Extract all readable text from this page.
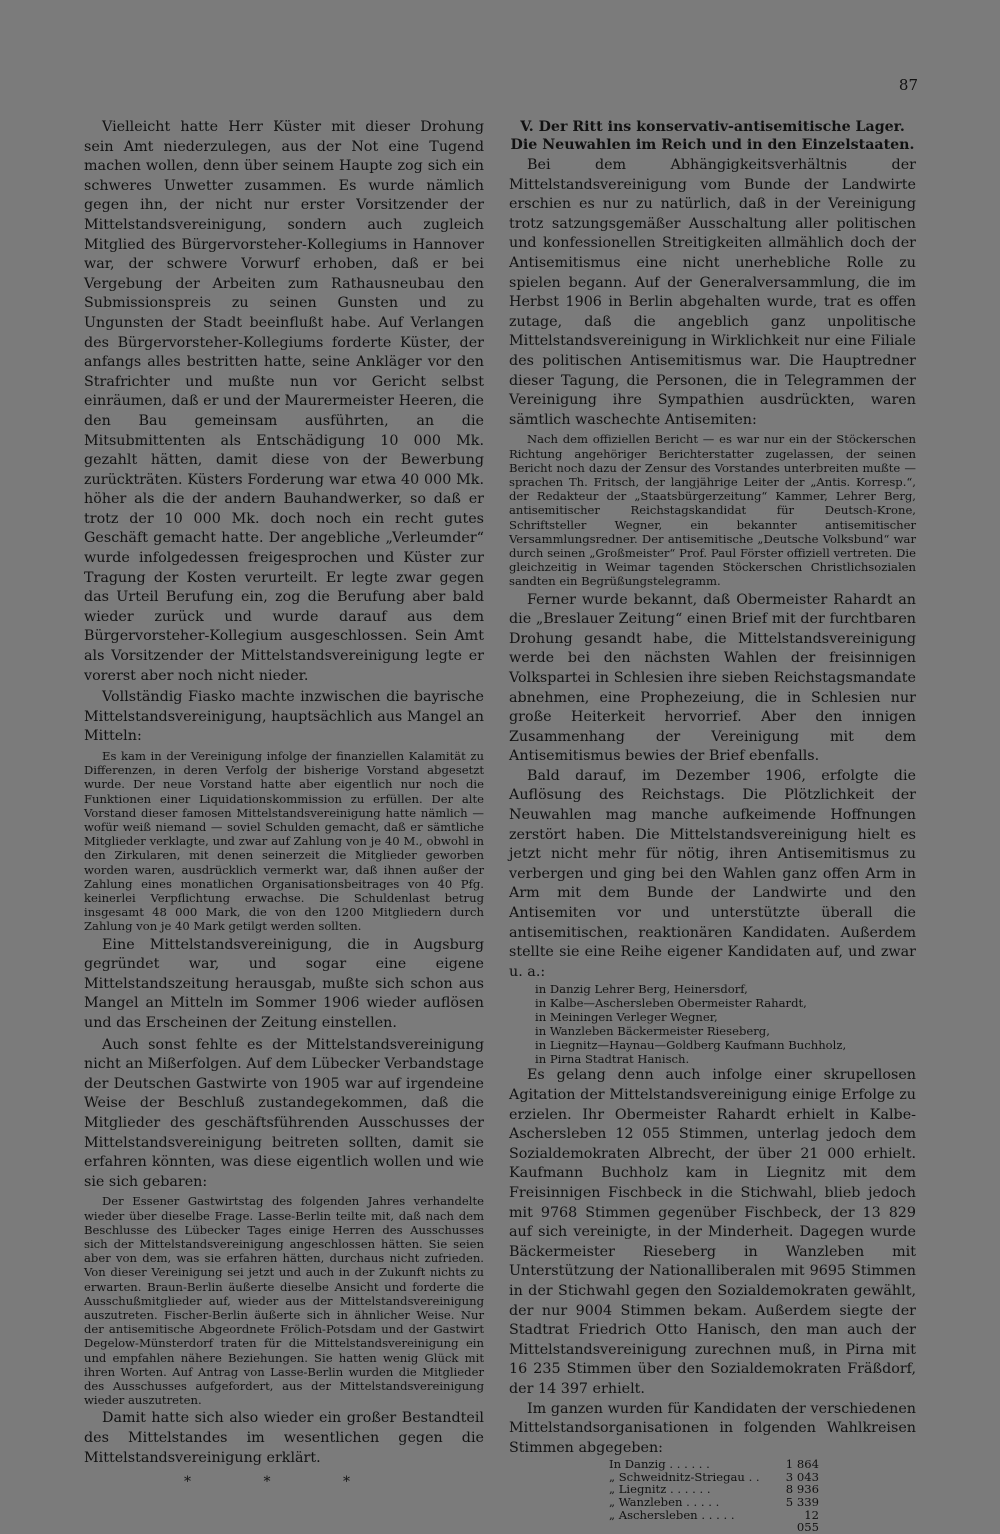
87

Vielleicht hatte Herr Küster mit dieser Drohung sein Amt niederzulegen, aus der Not eine Tugend machen wollen, denn über seinem Haupte zog sich ein schweres Unwetter zusammen. Es wurde nämlich gegen ihn, der nicht nur erster Vorsitzender der Mittelstandsvereinigung, sondern auch zugleich Mitglied des Bürgervorsteher-Kollegiums in Hannover war, der schwere Vorwurf erhoben, daß er bei Vergebung der Arbeiten zum Rathausneubau den Submissionspreis zu seinen Gunsten und zu Ungunsten der Stadt beeinflußt habe. Auf Verlangen des Bürgervorsteher-Kollegiums forderte Küster, der anfangs alles bestritten hatte, seine Ankläger vor den Strafrichter und mußte nun vor Gericht selbst einräumen, daß er und der Maurermeister Heeren, die den Bau gemeinsam ausführten, an die Mitsubmittenten als Entschädigung 10 000 Mk. gezahlt hätten, damit diese von der Bewerbung zurückträten. Küsters Forderung war etwa 40 000 Mk. höher als die der andern Bauhandwerker, so daß er trotz der 10 000 Mk. doch noch ein recht gutes Geschäft gemacht hatte. Der angebliche „Verleumder“ wurde infolgedessen freigesprochen und Küster zur Tragung der Kosten verurteilt. Er legte zwar gegen das Urteil Berufung ein, zog die Berufung aber bald wieder zurück und wurde darauf aus dem Bürgervorsteher-Kollegium ausgeschlossen. Sein Amt als Vorsitzender der Mittelstandsvereinigung legte er vorerst aber noch nicht nieder.

Vollständig Fiasko machte inzwischen die bayrische Mittelstandsvereinigung, hauptsächlich aus Mangel an Mitteln:

Es kam in der Vereinigung infolge der finanziellen Kalamität zu Differenzen, in deren Verfolg der bisherige Vorstand abgesetzt wurde. Der neue Vorstand hatte aber eigentlich nur noch die Funktionen einer Liquidationskommission zu erfüllen. Der alte Vorstand dieser famosen Mittelstandsvereinigung hatte nämlich — wofür weiß niemand — soviel Schulden gemacht, daß er sämtliche Mitglieder verklagte, und zwar auf Zahlung von je 40 M., obwohl in den Zirkularen, mit denen seinerzeit die Mitglieder geworben worden waren, ausdrücklich vermerkt war, daß ihnen außer der Zahlung eines monatlichen Organisationsbeitrages von 40 Pfg. keinerlei Verpflichtung erwachse. Die Schuldenlast betrug insgesamt 48 000 Mark, die von den 1200 Mitgliedern durch Zahlung von je 40 Mark getilgt werden sollten.

Eine Mittelstandsvereinigung, die in Augsburg gegründet war, und sogar eine eigene Mittelstandszeitung herausgab, mußte sich schon aus Mangel an Mitteln im Sommer 1906 wieder auflösen und das Erscheinen der Zeitung einstellen.

Auch sonst fehlte es der Mittelstandsvereinigung nicht an Mißerfolgen. Auf dem Lübecker Verbandstage der Deutschen Gastwirte von 1905 war auf irgendeine Weise der Beschluß zustandegekommen, daß die Mitglieder des geschäftsführenden Ausschusses der Mittelstandsvereinigung beitreten sollten, damit sie erfahren könnten, was diese eigentlich wollen und wie sie sich gebaren:

Der Essener Gastwirtstag des folgenden Jahres verhandelte wieder über dieselbe Frage. Lasse-Berlin teilte mit, daß nach dem Beschlusse des Lübecker Tages einige Herren des Ausschusses sich der Mittelstandsvereinigung angeschlossen hätten. Sie seien aber von dem, was sie erfahren hätten, durchaus nicht zufrieden. Von dieser Vereinigung sei jetzt und auch in der Zukunft nichts zu erwarten. Braun-Berlin äußerte dieselbe Ansicht und forderte die Ausschußmitglieder auf, wieder aus der Mittelstandsvereinigung auszutreten. Fischer-Berlin äußerte sich in ähnlicher Weise. Nur der antisemitische Abgeordnete Frölich-Potsdam und der Gastwirt Degelow-Münsterdorf traten für die Mittelstandsvereinigung ein und empfahlen nähere Beziehungen. Sie hatten wenig Glück mit ihren Worten. Auf Antrag von Lasse-Berlin wurden die Mitglieder des Ausschusses aufgefordert, aus der Mittelstandsvereinigung wieder auszutreten.

Damit hatte sich also wieder ein großer Bestandteil des Mittelstandes im wesentlichen gegen die Mittelstandsvereinigung erklärt.

* * *
V. Der Ritt ins konservativ-antisemitische Lager. Die Neuwahlen im Reich und in den Einzelstaaten.

Bei dem Abhängigkeitsverhältnis der Mittelstandsvereinigung vom Bunde der Landwirte erschien es nur zu natürlich, daß in der Vereinigung trotz satzungsgemäßer Ausschaltung aller politischen und konfessionellen Streitigkeiten allmählich doch der Antisemitismus eine nicht unerhebliche Rolle zu spielen begann. Auf der Generalversammlung, die im Herbst 1906 in Berlin abgehalten wurde, trat es offen zutage, daß die angeblich ganz unpolitische Mittelstandsvereinigung in Wirklichkeit nur eine Filiale des politischen Antisemitismus war. Die Hauptredner dieser Tagung, die Personen, die in Telegrammen der Vereinigung ihre Sympathien ausdrückten, waren sämtlich waschechte Antisemiten:

Nach dem offiziellen Bericht — es war nur ein der Stöckerschen Richtung angehöriger Berichterstatter zugelassen, der seinen Bericht noch dazu der Zensur des Vorstandes unterbreiten mußte — sprachen Th. Fritsch, der langjährige Leiter der „Antis. Korresp.“, der Redakteur der „Staatsbürgerzeitung“ Kammer, Lehrer Berg, antisemitischer Reichstagskandidat für Deutsch-Krone, Schriftsteller Wegner, ein bekannter antisemitischer Versammlungsredner. Der antisemitische „Deutsche Volksbund“ war durch seinen „Großmeister“ Prof. Paul Förster offiziell vertreten. Die gleichzeitig in Weimar tagenden Stöckerschen Christlichsozialen sandten ein Begrüßungstelegramm.

Ferner wurde bekannt, daß Obermeister Rahardt an die „Breslauer Zeitung“ einen Brief mit der furchtbaren Drohung gesandt habe, die Mittelstandsvereinigung werde bei den nächsten Wahlen der freisinnigen Volkspartei in Schlesien ihre sieben Reichstagsmandate abnehmen, eine Prophezeiung, die in Schlesien nur große Heiterkeit hervorrief. Aber den innigen Zusammenhang der Vereinigung mit dem Antisemitismus bewies der Brief ebenfalls.

Bald darauf, im Dezember 1906, erfolgte die Auflösung des Reichstags. Die Plötzlichkeit der Neuwahlen mag manche aufkeimende Hoffnungen zerstört haben. Die Mittelstandsvereinigung hielt es jetzt nicht mehr für nötig, ihren Antisemitismus zu verbergen und ging bei den Wahlen ganz offen Arm in Arm mit dem Bunde der Landwirte und den Antisemiten vor und unterstützte überall die antisemitischen, reaktionären Kandidaten. Außerdem stellte sie eine Reihe eigener Kandidaten auf, und zwar u. a.:

in Danzig Lehrer Berg, Heinersdorf,
in Kalbe—Aschersleben Obermeister Rahardt,
in Meiningen Verleger Wegner,
in Wanzleben Bäckermeister Rieseberg,
in Liegnitz—Haynau—Goldberg Kaufmann Buchholz,
in Pirna Stadtrat Hanisch.

Es gelang denn auch infolge einer skrupellosen Agitation der Mittelstandsvereinigung einige Erfolge zu erzielen. Ihr Obermeister Rahardt erhielt in Kalbe-Aschersleben 12 055 Stimmen, unterlag jedoch dem Sozialdemokraten Albrecht, der über 21 000 erhielt. Kaufmann Buchholz kam in Liegnitz mit dem Freisinnigen Fischbeck in die Stichwahl, blieb jedoch mit 9768 Stimmen gegenüber Fischbeck, der 13 829 auf sich vereinigte, in der Minderheit. Dagegen wurde Bäckermeister Rieseberg in Wanzleben mit Unterstützung der Nationalliberalen mit 9695 Stimmen in der Stichwahl gegen den Sozialdemokraten gewählt, der nur 9004 Stimmen bekam. Außerdem siegte der Stadtrat Friedrich Otto Hanisch, den man auch der Mittelstandsvereinigung zurechnen muß, in Pirna mit 16 235 Stimmen über den Sozialdemokraten Fräßdorf, der 14 397 erhielt.

Im ganzen wurden für Kandidaten der verschiedenen Mittelstandsorganisationen in folgenden Wahlkreisen Stimmen abgegeben:

In Danzig . . . . . .	1 864
„ Schweidnitz-Striegau . .	3 043
„ Liegnitz . . . . . .	8 936
„ Wanzleben . . . . .	5 339
„ Aschersleben . . . . .	12 055
